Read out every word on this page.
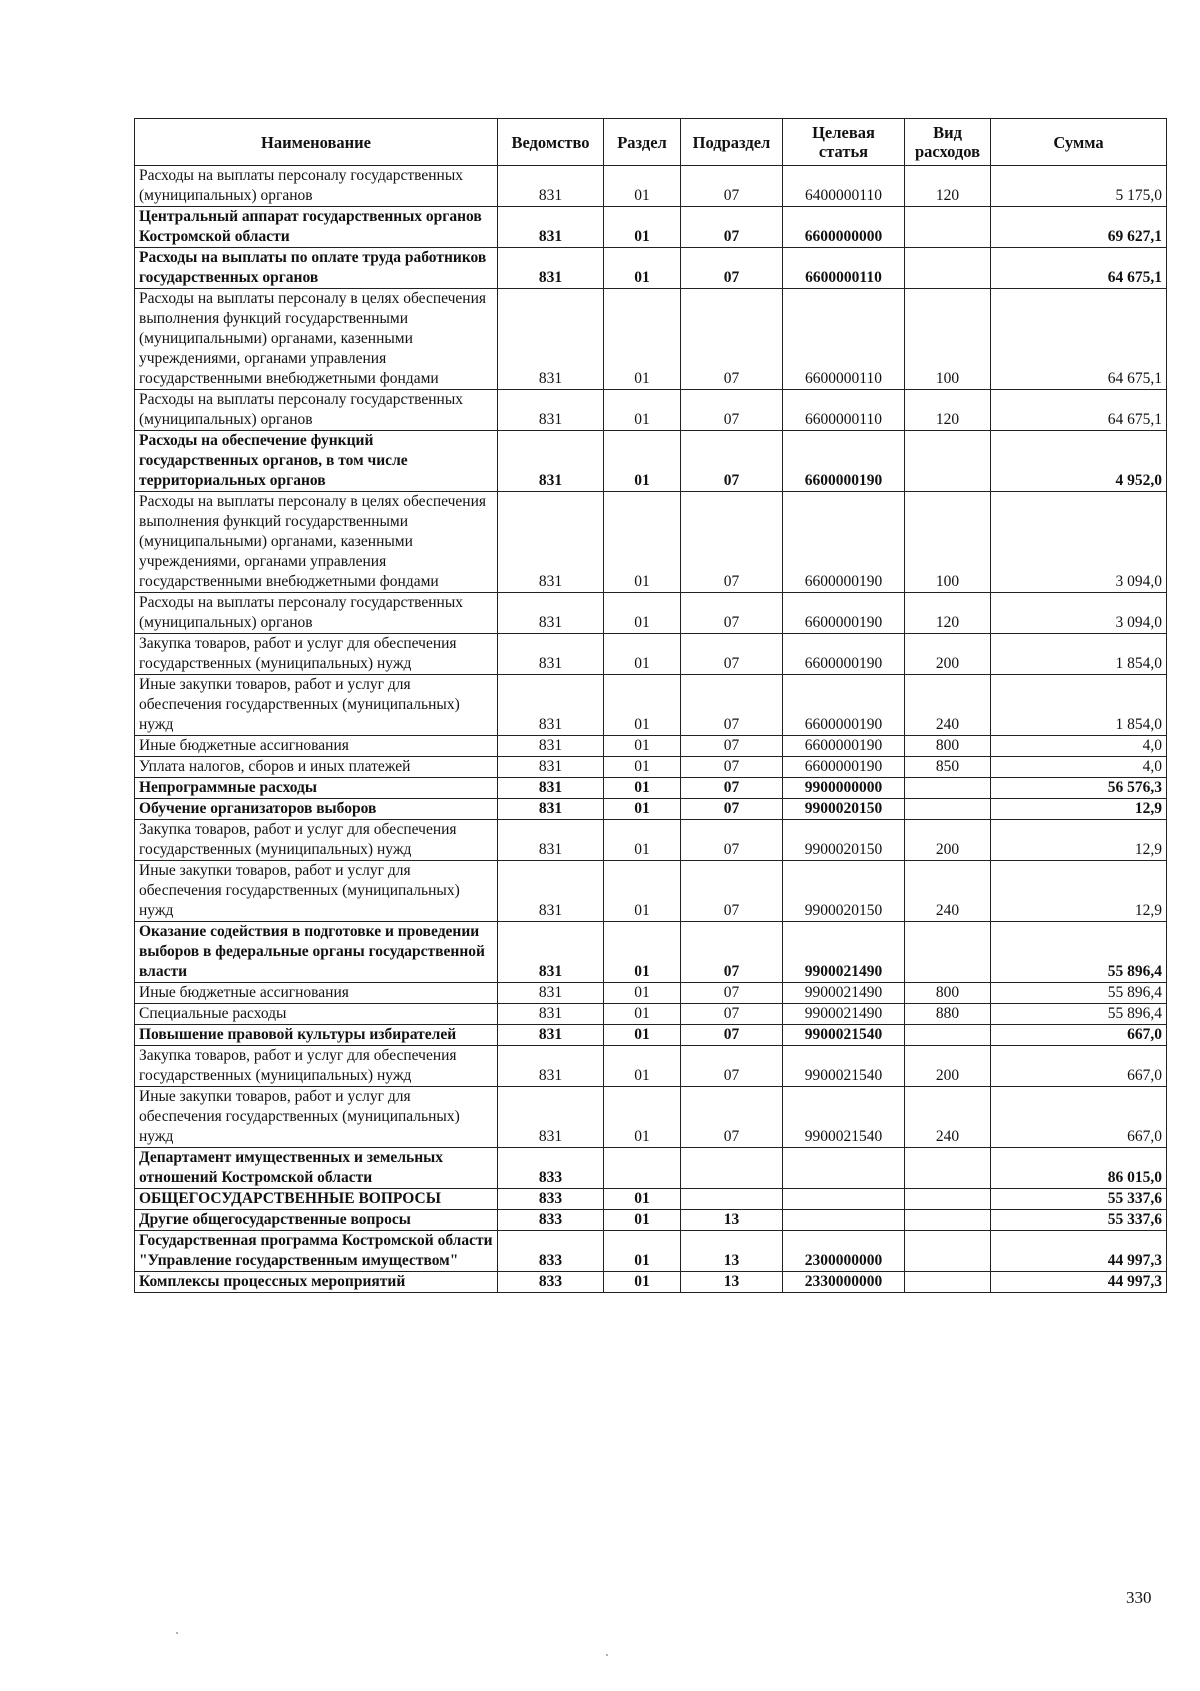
Наименование	Ведомство	Раздел	Подраздел	Целевая статья	Вид расходов	Сумма
Расходы на выплаты персоналу государственных (муниципальных) органов	831	01	07	6400000110	120	5 175,0
Центральный аппарат государственных органов Костромской области	831	01	07	6600000000		69 627,1
Расходы на выплаты по оплате труда работников государственных органов	831	01	07	6600000110		64 675,1
Расходы на выплаты персоналу в целях обеспечения выполнения функций государственными (муниципальными) органами, казенными учреждениями, органами управления государственными внебюджетными фондами	831	01	07	6600000110	100	64 675,1
Расходы на выплаты персоналу государственных (муниципальных) органов	831	01	07	6600000110	120	64 675,1
Расходы на обеспечение функций государственных органов, в том числе территориальных органов	831	01	07	6600000190		4 952,0
Расходы на выплаты персоналу в целях обеспечения выполнения функций государственными (муниципальными) органами, казенными учреждениями, органами управления государственными внебюджетными фондами	831	01	07	6600000190	100	3 094,0
Расходы на выплаты персоналу государственных (муниципальных) органов	831	01	07	6600000190	120	3 094,0
Закупка товаров, работ и услуг для обеспечения государственных (муниципальных) нужд	831	01	07	6600000190	200	1 854,0
Иные закупки товаров, работ и услуг для обеспечения государственных (муниципальных) нужд	831	01	07	6600000190	240	1 854,0
Иные бюджетные ассигнования	831	01	07	6600000190	800	4,0
Уплата налогов, сборов и иных платежей	831	01	07	6600000190	850	4,0
Непрограммные расходы	831	01	07	9900000000		56 576,3
Обучение организаторов выборов	831	01	07	9900020150		12,9
Закупка товаров, работ и услуг для обеспечения государственных (муниципальных) нужд	831	01	07	9900020150	200	12,9
Иные закупки товаров, работ и услуг для обеспечения государственных (муниципальных) нужд	831	01	07	9900020150	240	12,9
Оказание содействия в подготовке и проведении выборов в федеральные органы государственной власти	831	01	07	9900021490		55 896,4
Иные бюджетные ассигнования	831	01	07	9900021490	800	55 896,4
Специальные расходы	831	01	07	9900021490	880	55 896,4
Повышение правовой культуры избирателей	831	01	07	9900021540		667,0
Закупка товаров, работ и услуг для обеспечения государственных (муниципальных) нужд	831	01	07	9900021540	200	667,0
Иные закупки товаров, работ и услуг для обеспечения государственных (муниципальных) нужд	831	01	07	9900021540	240	667,0
Департамент имущественных и земельных отношений Костромской области	833					86 015,0
ОБЩЕГОСУДАРСТВЕННЫЕ ВОПРОСЫ	833	01				55 337,6
Другие общегосударственные вопросы	833	01	13			55 337,6
Государственная программа Костромской области "Управление государственным имуществом"	833	01	13	2300000000		44 997,3
Комплексы процессных мероприятий	833	01	13	2330000000		44 997,3
330
